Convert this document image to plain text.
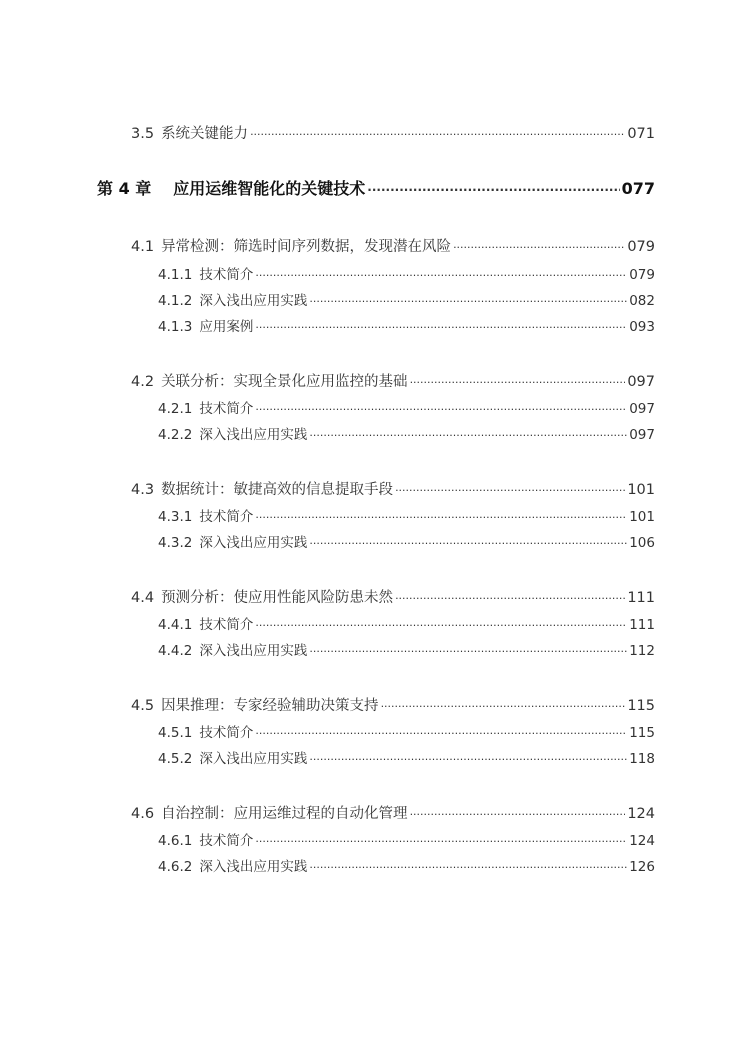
3.5 系统关键能力 ·····	071
第 4 章 应用运维智能化的关键技术 ·····	077
4.1 异常检测：筛选时间序列数据，发现潜在风险 ·····	079
4.1.1 技术简介 ·····	079
4.1.2 深入浅出应用实践 ·····	082
4.1.3 应用案例 ·····	093
4.2 关联分析：实现全景化应用监控的基础 ·····	097
4.2.1 技术简介 ·····	097
4.2.2 深入浅出应用实践 ·····	097
4.3 数据统计：敏捷高效的信息提取手段 ·····	101
4.3.1 技术简介 ·····	101
4.3.2 深入浅出应用实践 ·····	106
4.4 预测分析：使应用性能风险防患未然 ·····	111
4.4.1 技术简介 ·····	111
4.4.2 深入浅出应用实践 ·····	112
4.5 因果推理：专家经验辅助决策支持 ·····	115
4.5.1 技术简介 ·····	115
4.5.2 深入浅出应用实践 ·····	118
4.6 自治控制：应用运维过程的自动化管理 ·····	124
4.6.1 技术简介 ·····	124
4.6.2 深入浅出应用实践 ·····	126
